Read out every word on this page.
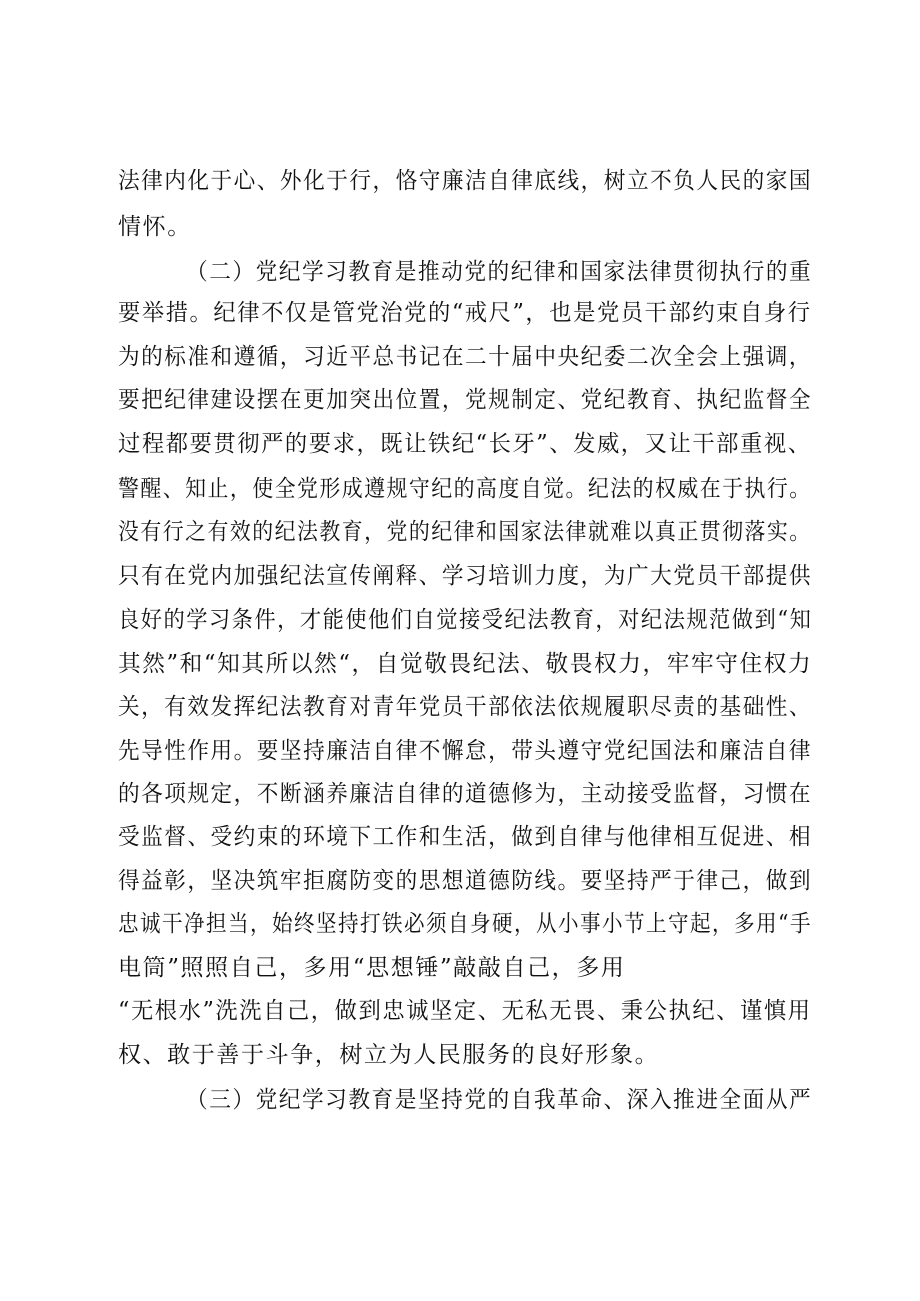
法律内化于心、外化于行，恪守廉洁自律底线，树立不负人民的家国
情怀。
（二）党纪学习教育是推动党的纪律和国家法律贯彻执行的重
要举措。纪律不仅是管党治党的“戒尺”，也是党员干部约束自身行
为的标准和遵循，习近平总书记在二十届中央纪委二次全会上强调，
要把纪律建设摆在更加突出位置，党规制定、党纪教育、执纪监督全
过程都要贯彻严的要求，既让铁纪“长牙”、发威，又让干部重视、
警醒、知止，使全党形成遵规守纪的高度自觉。纪法的权威在于执行。
没有行之有效的纪法教育，党的纪律和国家法律就难以真正贯彻落实。
只有在党内加强纪法宣传阐释、学习培训力度，为广大党员干部提供
良好的学习条件，才能使他们自觉接受纪法教育，对纪法规范做到“知
其然”和“知其所以然“，自觉敬畏纪法、敬畏权力，牢牢守住权力
关，有效发挥纪法教育对青年党员干部依法依规履职尽责的基础性、
先导性作用。要坚持廉洁自律不懈怠，带头遵守党纪国法和廉洁自律
的各项规定，不断涵养廉洁自律的道德修为，主动接受监督，习惯在
受监督、受约束的环境下工作和生活，做到自律与他律相互促进、相
得益彰，坚决筑牢拒腐防变的思想道德防线。要坚持严于律己，做到
忠诚干净担当，始终坚持打铁必须自身硬，从小事小节上守起，多用“手
电筒”照照自己，多用“思想锤”敲敲自己，多用
“无根水”洗洗自己，做到忠诚坚定、无私无畏、秉公执纪、谨慎用
权、敢于善于斗争，树立为人民服务的良好形象。
（三）党纪学习教育是坚持党的自我革命、深入推进全面从严
